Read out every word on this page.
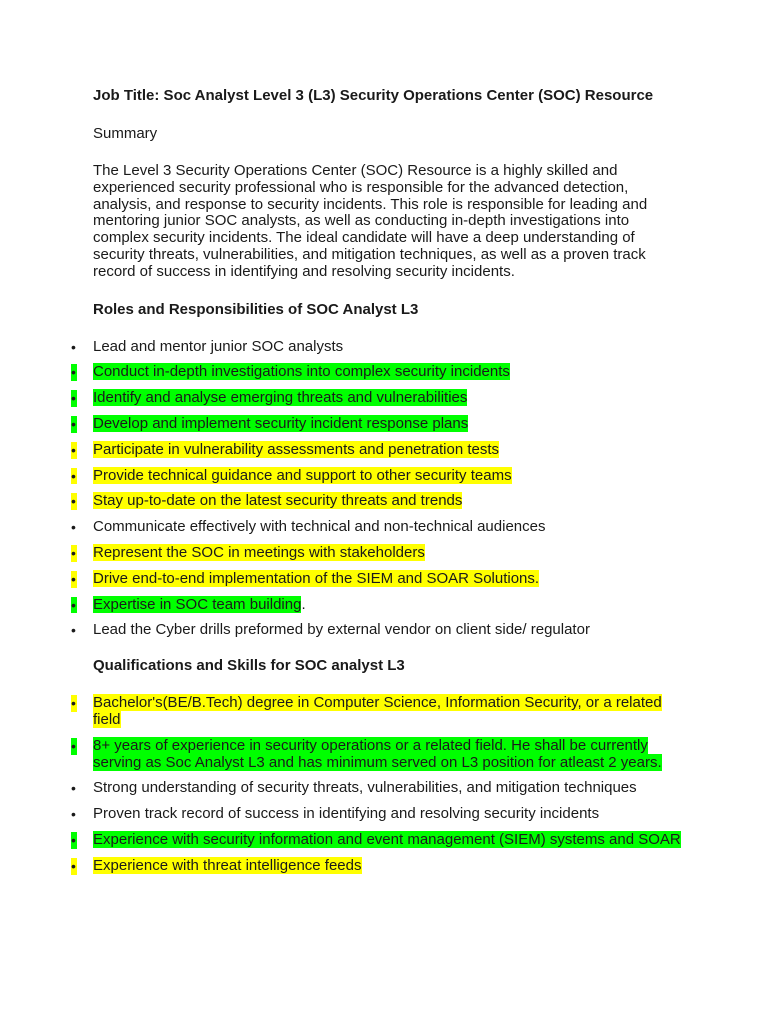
Job Title: Soc Analyst Level 3 (L3) Security Operations Center (SOC) Resource

Summary

The Level 3 Security Operations Center (SOC) Resource is a highly skilled and experienced security professional who is responsible for the advanced detection, analysis, and response to security incidents. This role is responsible for leading and mentoring junior SOC analysts, as well as conducting in-depth investigations into complex security incidents. The ideal candidate will have a deep understanding of security threats, vulnerabilities, and mitigation techniques, as well as a proven track record of success in identifying and resolving security incidents.

Roles and Responsibilities of SOC Analyst L3

• Lead and mentor junior SOC analysts
• Conduct in-depth investigations into complex security incidents
• Identify and analyse emerging threats and vulnerabilities
• Develop and implement security incident response plans
• Participate in vulnerability assessments and penetration tests
• Provide technical guidance and support to other security teams
• Stay up-to-date on the latest security threats and trends
• Communicate effectively with technical and non-technical audiences
• Represent the SOC in meetings with stakeholders
• Drive end-to-end implementation of the SIEM and SOAR Solutions.
• Expertise in SOC team building.
• Lead the Cyber drills preformed by external vendor on client side/ regulator

Qualifications and Skills for SOC analyst L3

• Bachelor's(BE/B.Tech) degree in Computer Science, Information Security, or a related field
• 8+ years of experience in security operations or a related field. He shall be currently serving as Soc Analyst L3 and has minimum served on L3 position for atleast 2 years.
• Strong understanding of security threats, vulnerabilities, and mitigation techniques
• Proven track record of success in identifying and resolving security incidents
• Experience with security information and event management (SIEM) systems and SOAR
• Experience with threat intelligence feeds
